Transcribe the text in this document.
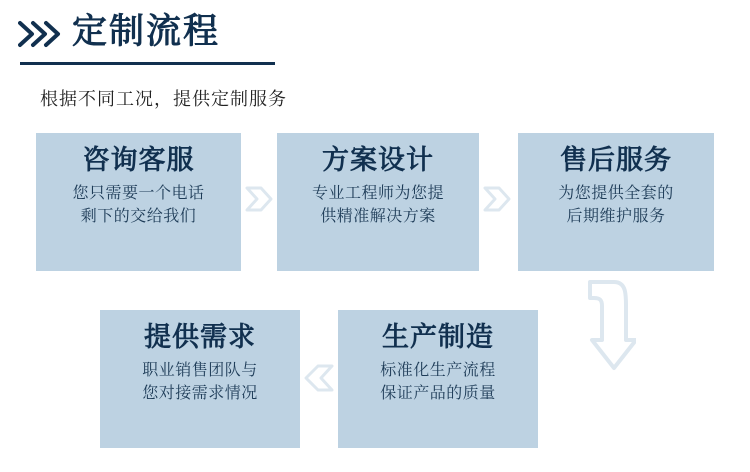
定制流程
根据不同工况，提供定制服务
咨询客服
您只需要一个电话
剩下的交给我们
方案设计
专业工程师为您提
供精准解决方案
售后服务
为您提供全套的
后期维护服务
生产制造
标准化生产流程
保证产品的质量
提供需求
职业销售团队与
您对接需求情况
